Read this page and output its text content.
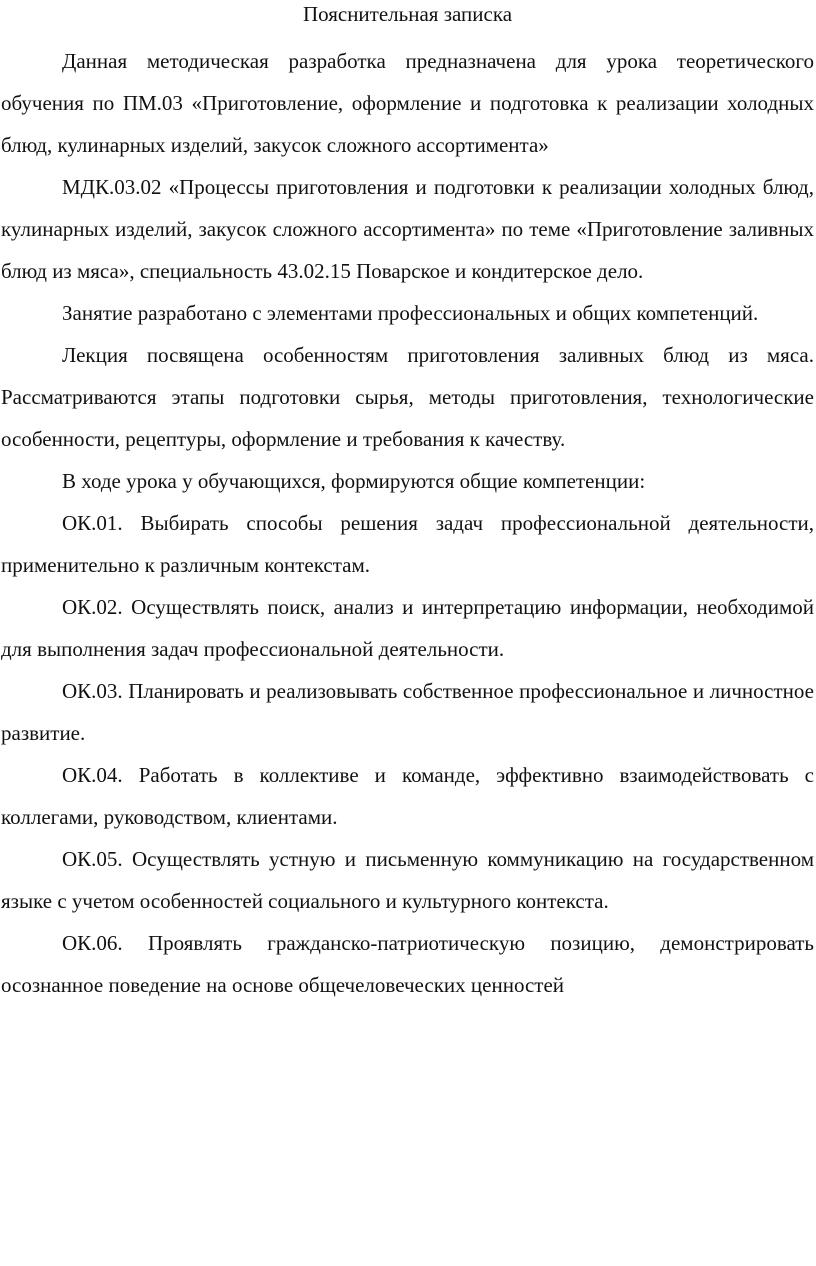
Пояснительная записка

Данная методическая разработка предназначена для урока теоретического обучения по ПМ.03 «Приготовление, оформление и подготовка к реализации холодных блюд, кулинарных изделий, закусок сложного ассортимента»

МДК.03.02 «Процессы приготовления и подготовки к реализации холодных блюд, кулинарных изделий, закусок сложного ассортимента» по теме «Приготовление заливных блюд из мяса», специальность 43.02.15 Поварское и кондитерское дело.

Занятие разработано с элементами профессиональных и общих компетенций.

Лекция посвящена особенностям приготовления заливных блюд из мяса. Рассматриваются этапы подготовки сырья, методы приготовления, технологические особенности, рецептуры, оформление и требования к качеству.

В ходе урока у обучающихся, формируются общие компетенции:

ОК.01. Выбирать способы решения задач профессиональной деятельности, применительно к различным контекстам.

ОК.02. Осуществлять поиск, анализ и интерпретацию информации, необходимой для выполнения задач профессиональной деятельности.

ОК.03. Планировать и реализовывать собственное профессиональное и личностное развитие.

ОК.04. Работать в коллективе и команде, эффективно взаимодействовать с коллегами, руководством, клиентами.

ОК.05. Осуществлять устную и письменную коммуникацию на государственном языке с учетом особенностей социального и культурного контекста.

ОК.06. Проявлять гражданско-патриотическую позицию, демонстрировать осознанное поведение на основе общечеловеческих ценностей
